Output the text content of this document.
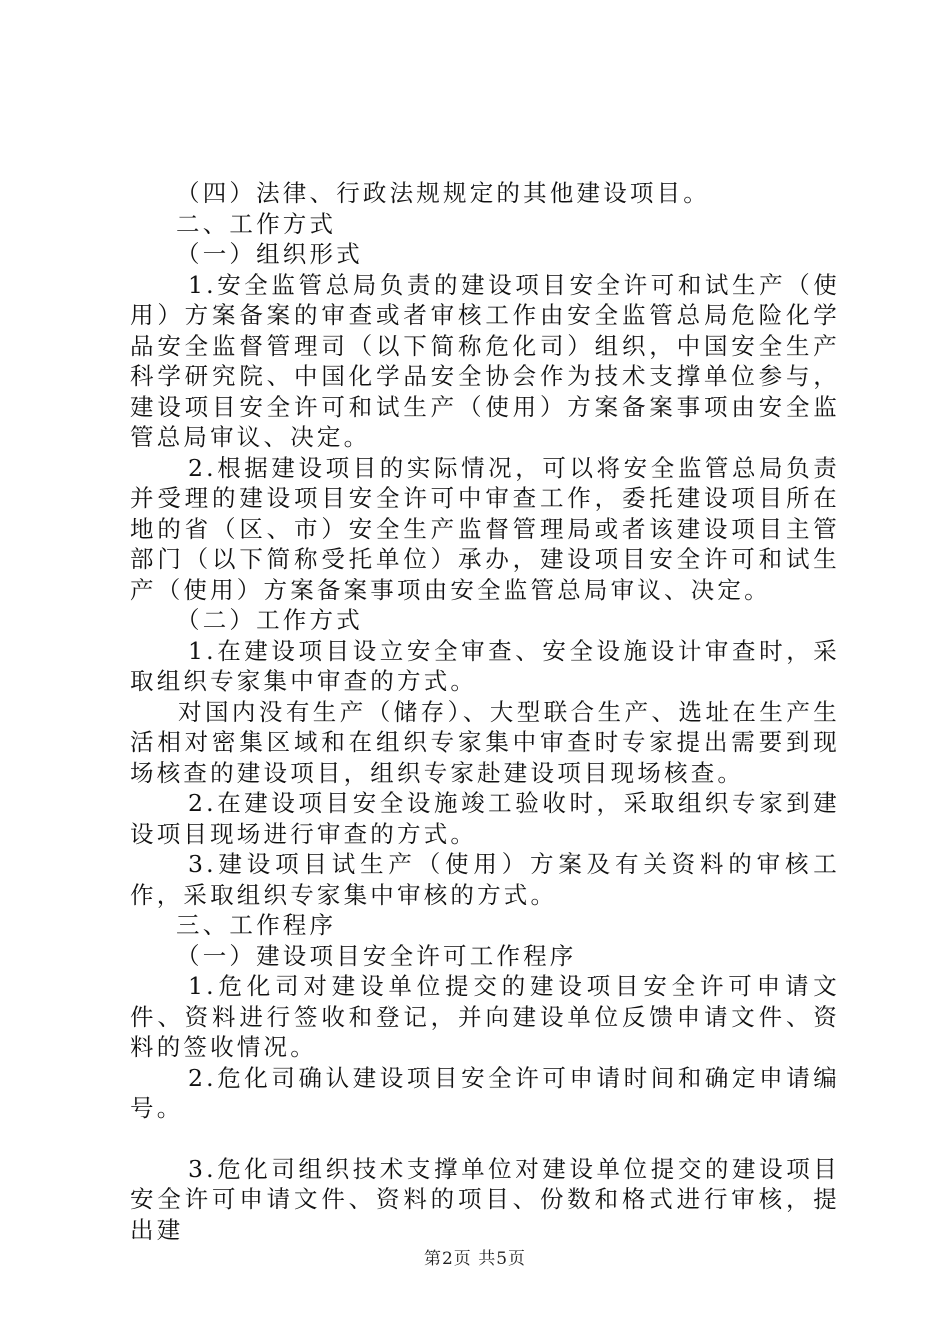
（四）法律、行政法规规定的其他建设项目。

二、工作方式

（一）组织形式

1.安全监管总局负责的建设项目安全许可和试生产（使用）方案备案的审查或者审核工作由安全监管总局危险化学品安全监督管理司（以下简称危化司）组织，中国安全生产科学研究院、中国化学品安全协会作为技术支撑单位参与，建设项目安全许可和试生产（使用）方案备案事项由安全监管总局审议、决定。

2.根据建设项目的实际情况，可以将安全监管总局负责并受理的建设项目安全许可中审查工作，委托建设项目所在地的省（区、市）安全生产监督管理局或者该建设项目主管部门（以下简称受托单位）承办，建设项目安全许可和试生产（使用）方案备案事项由安全监管总局审议、决定。

（二）工作方式

1.在建设项目设立安全审查、安全设施设计审查时，采取组织专家集中审查的方式。

对国内没有生产（储存）、大型联合生产、选址在生产生活相对密集区域和在组织专家集中审查时专家提出需要到现场核查的建设项目，组织专家赴建设项目现场核查。

2.在建设项目安全设施竣工验收时，采取组织专家到建设项目现场进行审查的方式。

3.建设项目试生产（使用）方案及有关资料的审核工作，采取组织专家集中审核的方式。

三、工作程序

（一）建设项目安全许可工作程序

1.危化司对建设单位提交的建设项目安全许可申请文件、资料进行签收和登记，并向建设单位反馈申请文件、资料的签收情况。

2.危化司确认建设项目安全许可申请时间和确定申请编号。

3.危化司组织技术支撑单位对建设单位提交的建设项目安全许可申请文件、资料的项目、份数和格式进行审核，提出建

第2页 共5页
